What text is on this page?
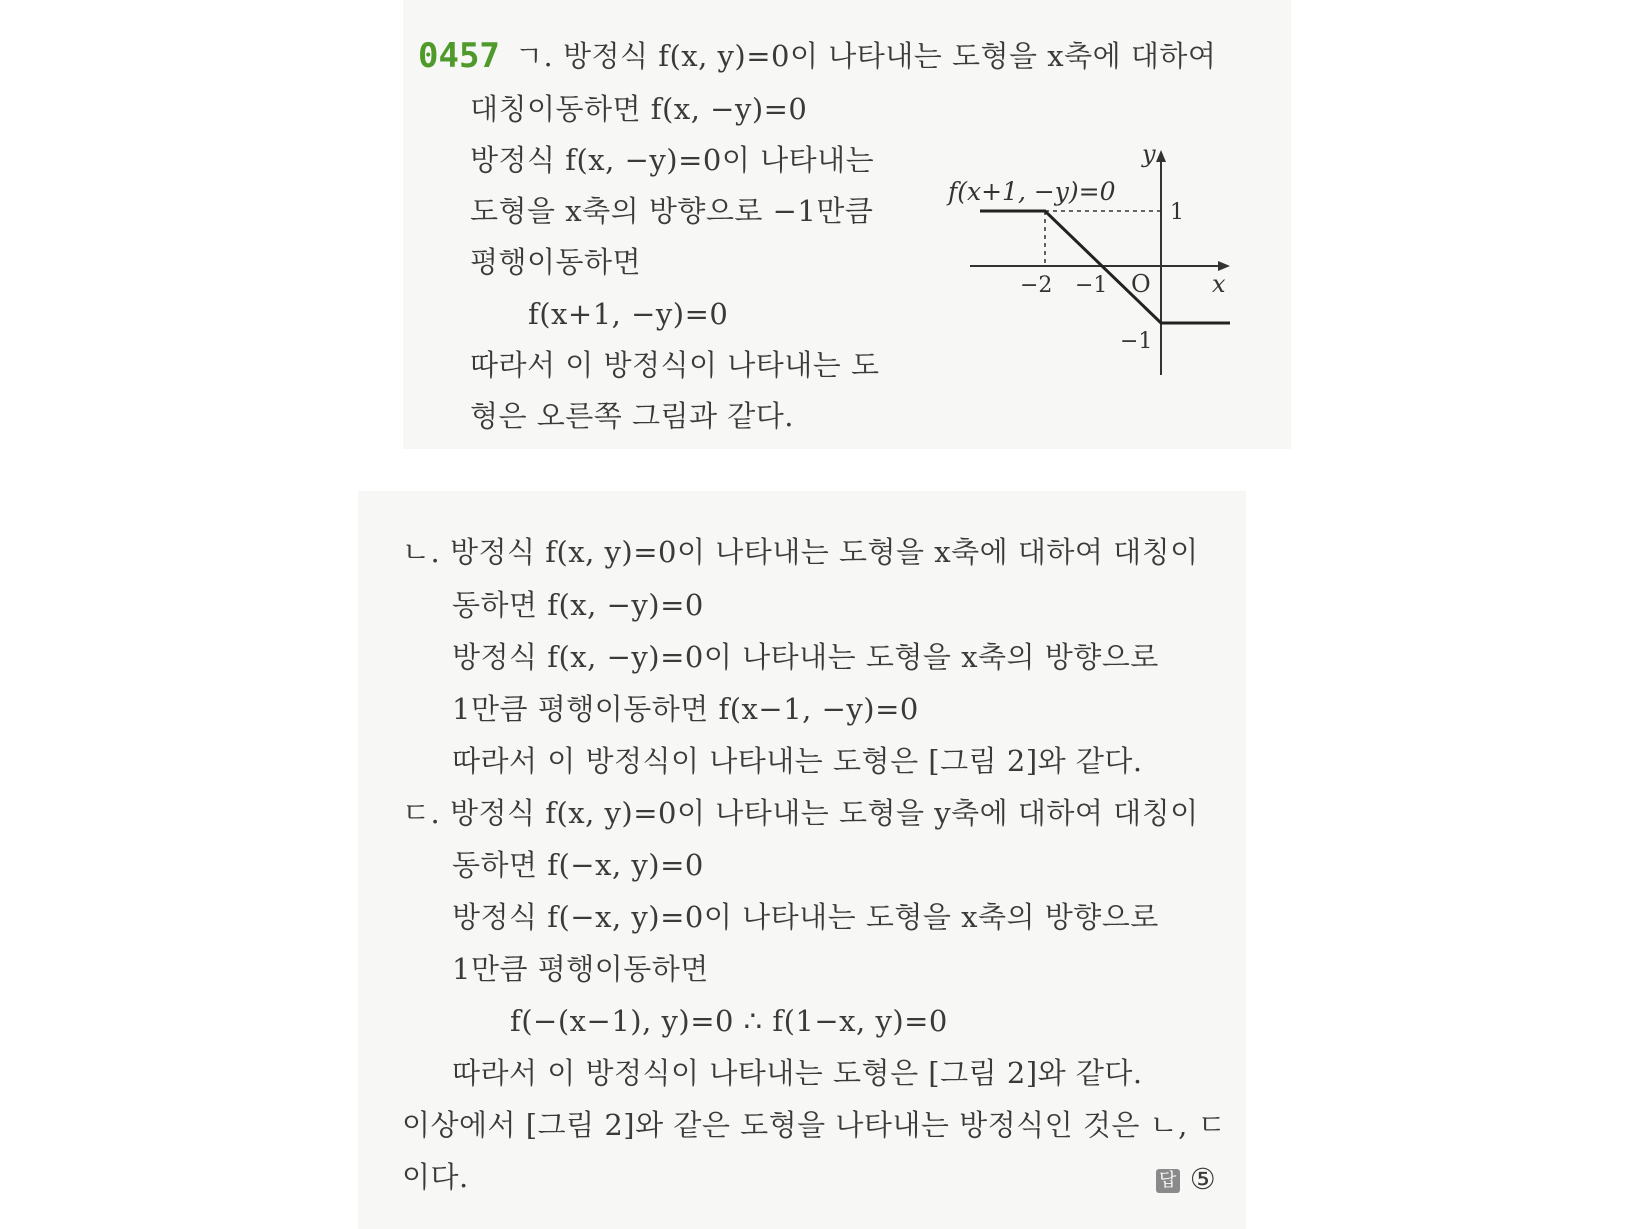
0457 ㄱ. 방정식 f(x, y)=0이 나타내는 도형을 x축에 대하여
대칭이동하면 f(x, −y)=0
방정식 f(x, −y)=0이 나타내는
도형을 x축의 방향으로 −1만큼
평행이동하면
f(x+1, −y)=0
따라서 이 방정식이 나타내는 도
형은 오른쪽 그림과 같다.
f(x+1, −y)=0
y
x
O
1
−1
−2 −1
ㄴ. 방정식 f(x, y)=0이 나타내는 도형을 x축에 대하여 대칭이
동하면 f(x, −y)=0
방정식 f(x, −y)=0이 나타내는 도형을 x축의 방향으로
1만큼 평행이동하면 f(x−1, −y)=0
따라서 이 방정식이 나타내는 도형은 [그림 2]와 같다.
ㄷ. 방정식 f(x, y)=0이 나타내는 도형을 y축에 대하여 대칭이
동하면 f(−x, y)=0
방정식 f(−x, y)=0이 나타내는 도형을 x축의 방향으로
1만큼 평행이동하면
f(−(x−1), y)=0 ∴ f(1−x, y)=0
따라서 이 방정식이 나타내는 도형은 [그림 2]와 같다.
이상에서 [그림 2]와 같은 도형을 나타내는 방정식인 것은 ㄴ, ㄷ
이다.	답 ⑤
